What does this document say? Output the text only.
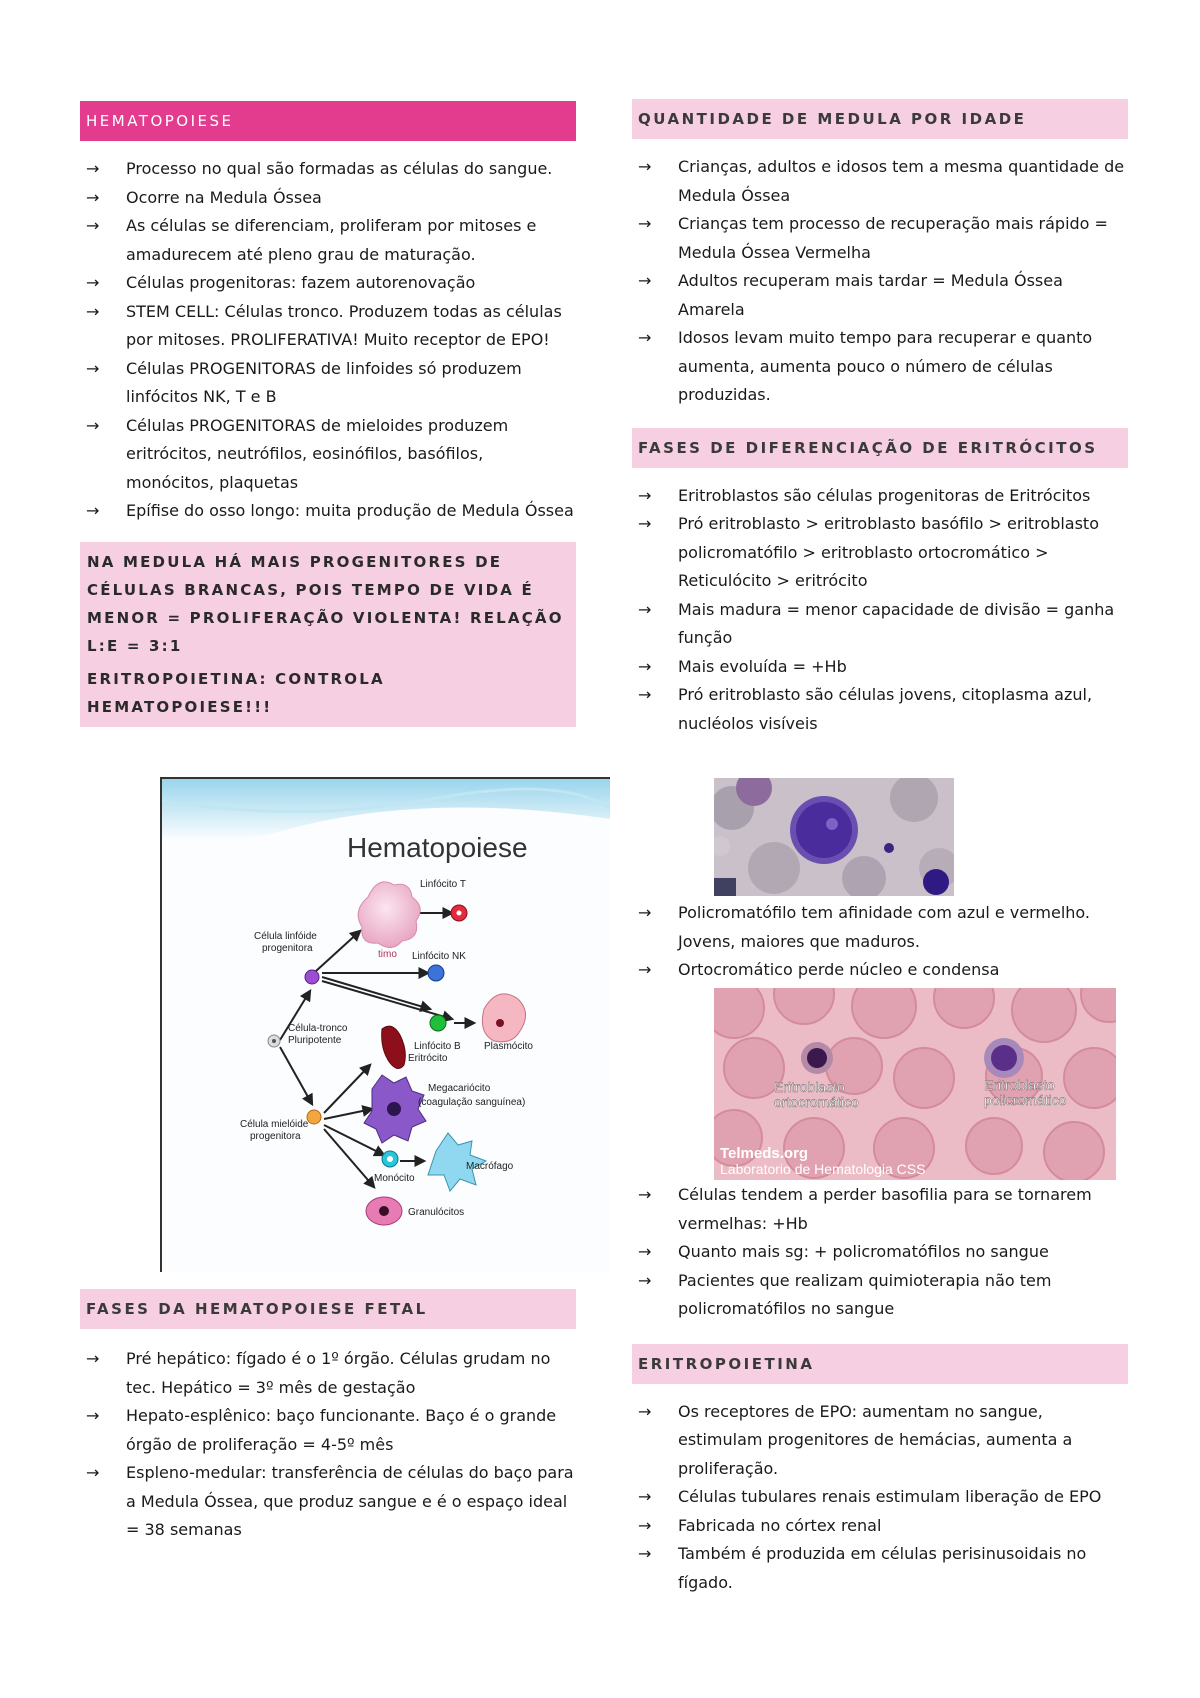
HEMATOPOIESE
→ Processo no qual são formadas as células do sangue.
→ Ocorre na Medula Óssea
→ As células se diferenciam, proliferam por mitoses e amadurecem até pleno grau de maturação.
→ Células progenitoras: fazem autorenovação
→ STEM CELL: Células tronco. Produzem todas as células por mitoses. PROLIFERATIVA! Muito receptor de EPO!
→ Células PROGENITORAS de linfoides só produzem linfócitos NK, T e B
→ Células PROGENITORAS de mieloides produzem eritrócitos, neutrófilos, eosinófilos, basófilos, monócitos, plaquetas
→ Epífise do osso longo: muita produção de Medula Óssea

NA MEDULA HÁ MAIS PROGENITORES DE CÉLULAS BRANCAS, POIS TEMPO DE VIDA É MENOR = PROLIFERAÇÃO VIOLENTA! RELAÇÃO L:E = 3:1

ERITROPOIETINA: CONTROLA HEMATOPOIESE!!!

Hematopoiese
Linfócito T
Célula linfóide progenitora
timo Linfócito NK
Célula-tronco Pluripotente
Linfócito B Plasmócito
Eritrócito
Megacariócito
(coagulação sanguínea)
Célula mielóide progenitora
Monócito
Macrófago
Granulócitos
FASES DA HEMATOPOIESE FETAL
→ Pré hepático: fígado é o 1º órgão. Células grudam no tec. Hepático = 3º mês de gestação
→ Hepato-esplênico: baço funcionante. Baço é o grande órgão de proliferação = 4-5º mês
→ Espleno-medular: transferência de células do baço para a Medula Óssea, que produz sangue e é o espaço ideal = 38 semanas
QUANTIDADE DE MEDULA POR IDADE
→ Crianças, adultos e idosos tem a mesma quantidade de Medula Óssea
→ Crianças tem processo de recuperação mais rápido = Medula Óssea Vermelha
→ Adultos recuperam mais tardar = Medula Óssea Amarela
→ Idosos levam muito tempo para recuperar e quanto aumenta, aumenta pouco o número de células produzidas.
FASES DE DIFERENCIAÇÃO DE ERITRÓCITOS
→ Eritroblastos são células progenitoras de Eritrócitos
→ Pró eritroblasto > eritroblasto basófilo > eritroblasto policromatófilo > eritroblasto ortocromático > Reticulócito > eritrócito
→ Mais madura = menor capacidade de divisão = ganha função
→ Mais evoluída = +Hb
→ Pró eritroblasto são células jovens, citoplasma azul, nucléolos visíveis
→ Policromatófilo tem afinidade com azul e vermelho. Jovens, maiores que maduros.
→ Ortocromático perde núcleo e condensa
Eritroblasto ortocromático
Eritroblasto policromático
Telmeds.org
Laboratorio de Hematologia CSS
→ Células tendem a perder basofilia para se tornarem vermelhas: +Hb
→ Quanto mais sg: + policromatófilos no sangue
→ Pacientes que realizam quimioterapia não tem policromatófilos no sangue
ERITROPOIETINA
→ Os receptores de EPO: aumentam no sangue, estimulam progenitores de hemácias, aumenta a proliferação.
→ Células tubulares renais estimulam liberação de EPO
→ Fabricada no córtex renal
→ Também é produzida em células perisinusoidais no fígado.
